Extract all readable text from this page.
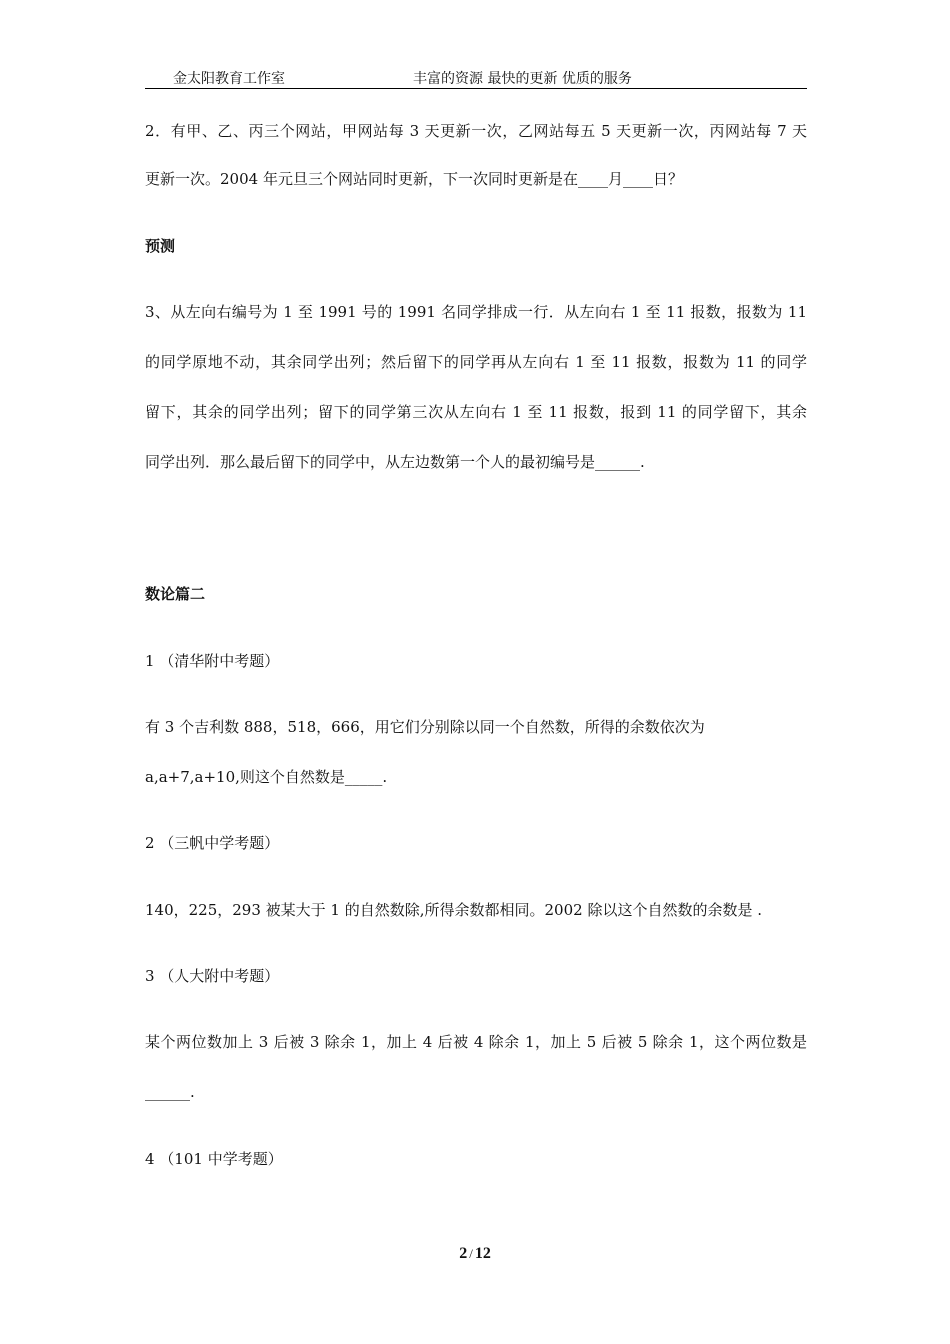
金太阳教育工作室	丰富的资源 最快的更新 优质的服务
2．有甲、乙、丙三个网站，甲网站每 3 天更新一次，乙网站每五 5 天更新一次，丙网站每 7 天
更新一次。2004 年元旦三个网站同时更新，下一次同时更新是在____月____日？
预测
3、从左向右编号为 1 至 1991 号的 1991 名同学排成一行．从左向右 1 至 11 报数，报数为 11
的同学原地不动，其余同学出列；然后留下的同学再从左向右 1 至 11 报数，报数为 11 的同学
留下，其余的同学出列；留下的同学第三次从左向右 1 至 11 报数，报到 11 的同学留下，其余
同学出列．那么最后留下的同学中，从左边数第一个人的最初编号是______.
数论篇二
1 （清华附中考题）
有 3 个吉利数 888，518，666，用它们分别除以同一个自然数，所得的余数依次为
a,a+7,a+10,则这个自然数是_____.
2 （三帆中学考题）
140，225，293 被某大于 1 的自然数除,所得余数都相同。2002 除以这个自然数的余数是 .
3 （人大附中考题）
某个两位数加上 3 后被 3 除余 1，加上 4 后被 4 除余 1，加上 5 后被 5 除余 1，这个两位数是
______.
4 （101 中学考题）
2 / 12
